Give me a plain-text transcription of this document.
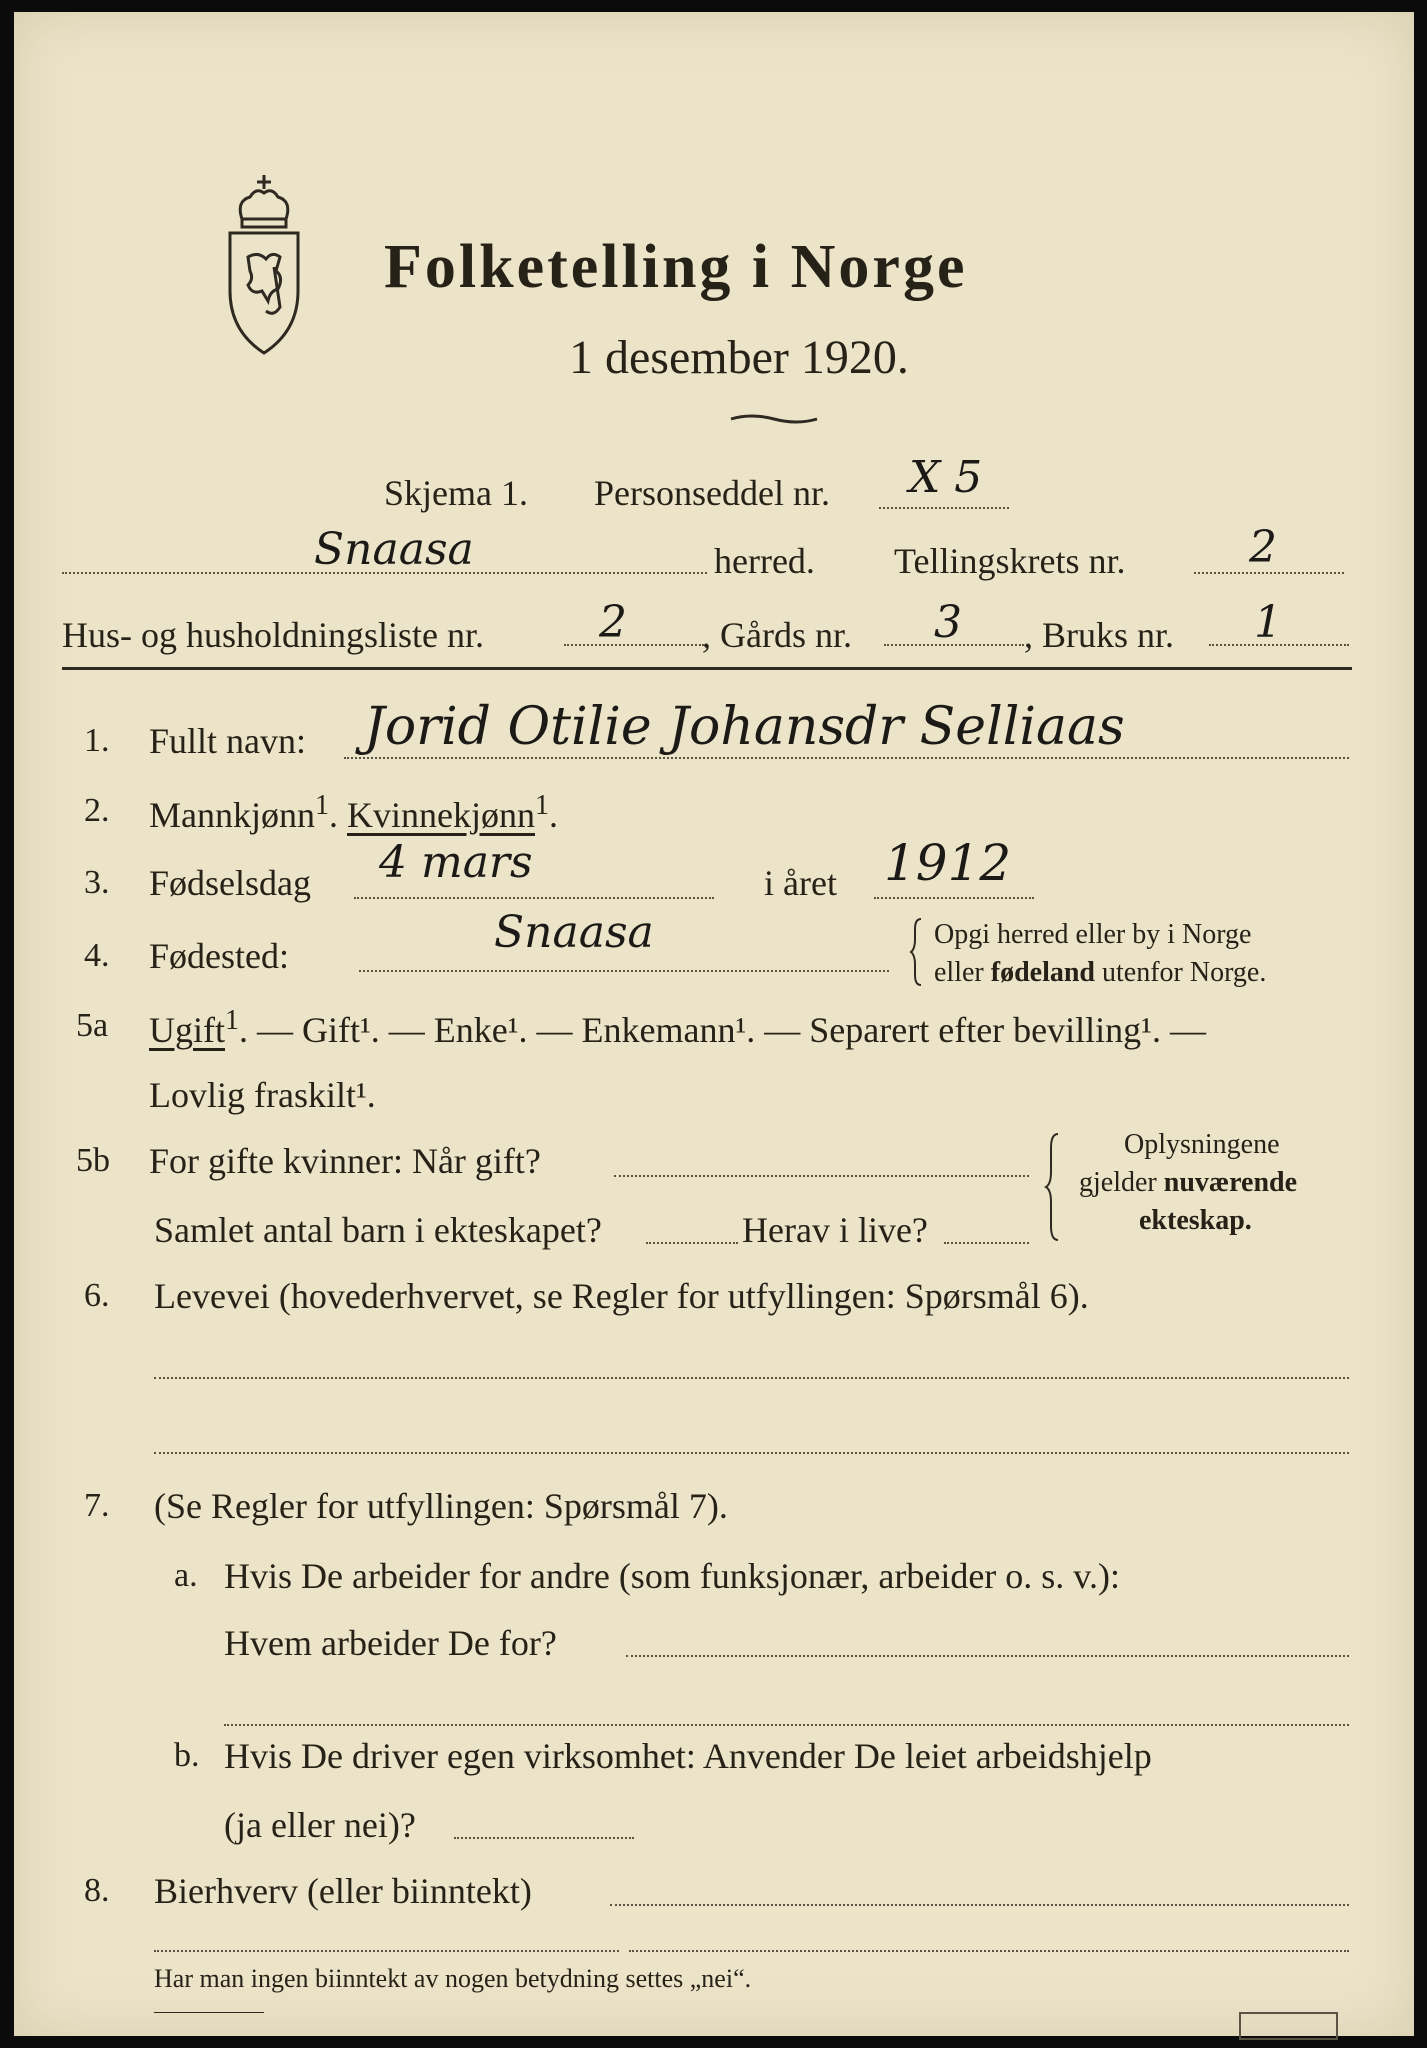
Folketelling i Norge
1 desember 1920.
Skjema 1. Personseddel nr. X 5
Snaasa	herred. Tellingskrets nr.	2
Hus- og husholdningsliste nr.	2 , Gårds nr. 3 , Bruks nr. 1
1. Fullt navn: Jorid Otilie Johansdr Selliaas
2. Mannkjønn$^1$. Kvinnekjønn$^1$.
3. Fødselsdag 4 mars	i året 1912
4. Fødested:	Snaasa	Opgi herred eller by i Norge
eller fødeland utenfor Norge.
5a Ugift$^1$. — Gift¹. — Enke¹. — Enkemann¹. — Separert efter bevilling¹. —
Lovlig fraskilt¹.
5b For gifte kvinner: Når gift?
Samlet antal barn i ekteskapet?	Herav i live?
Oplysningene
gjelder nuværende
ekteskap.
6. Levevei (hovederhvervet, se Regler for utfyllingen: Spørsmål 6).
7. (Se Regler for utfyllingen: Spørsmål 7).
a. Hvis De arbeider for andre (som funksjonær, arbeider o. s. v.):
Hvem arbeider De for?
b. Hvis De driver egen virksomhet: Anvender De leiet arbeidshjelp
(ja eller nei)?
8. Bierhverv (eller biinntekt)
Har man ingen biinntekt av nogen betydning settes „nei“.
